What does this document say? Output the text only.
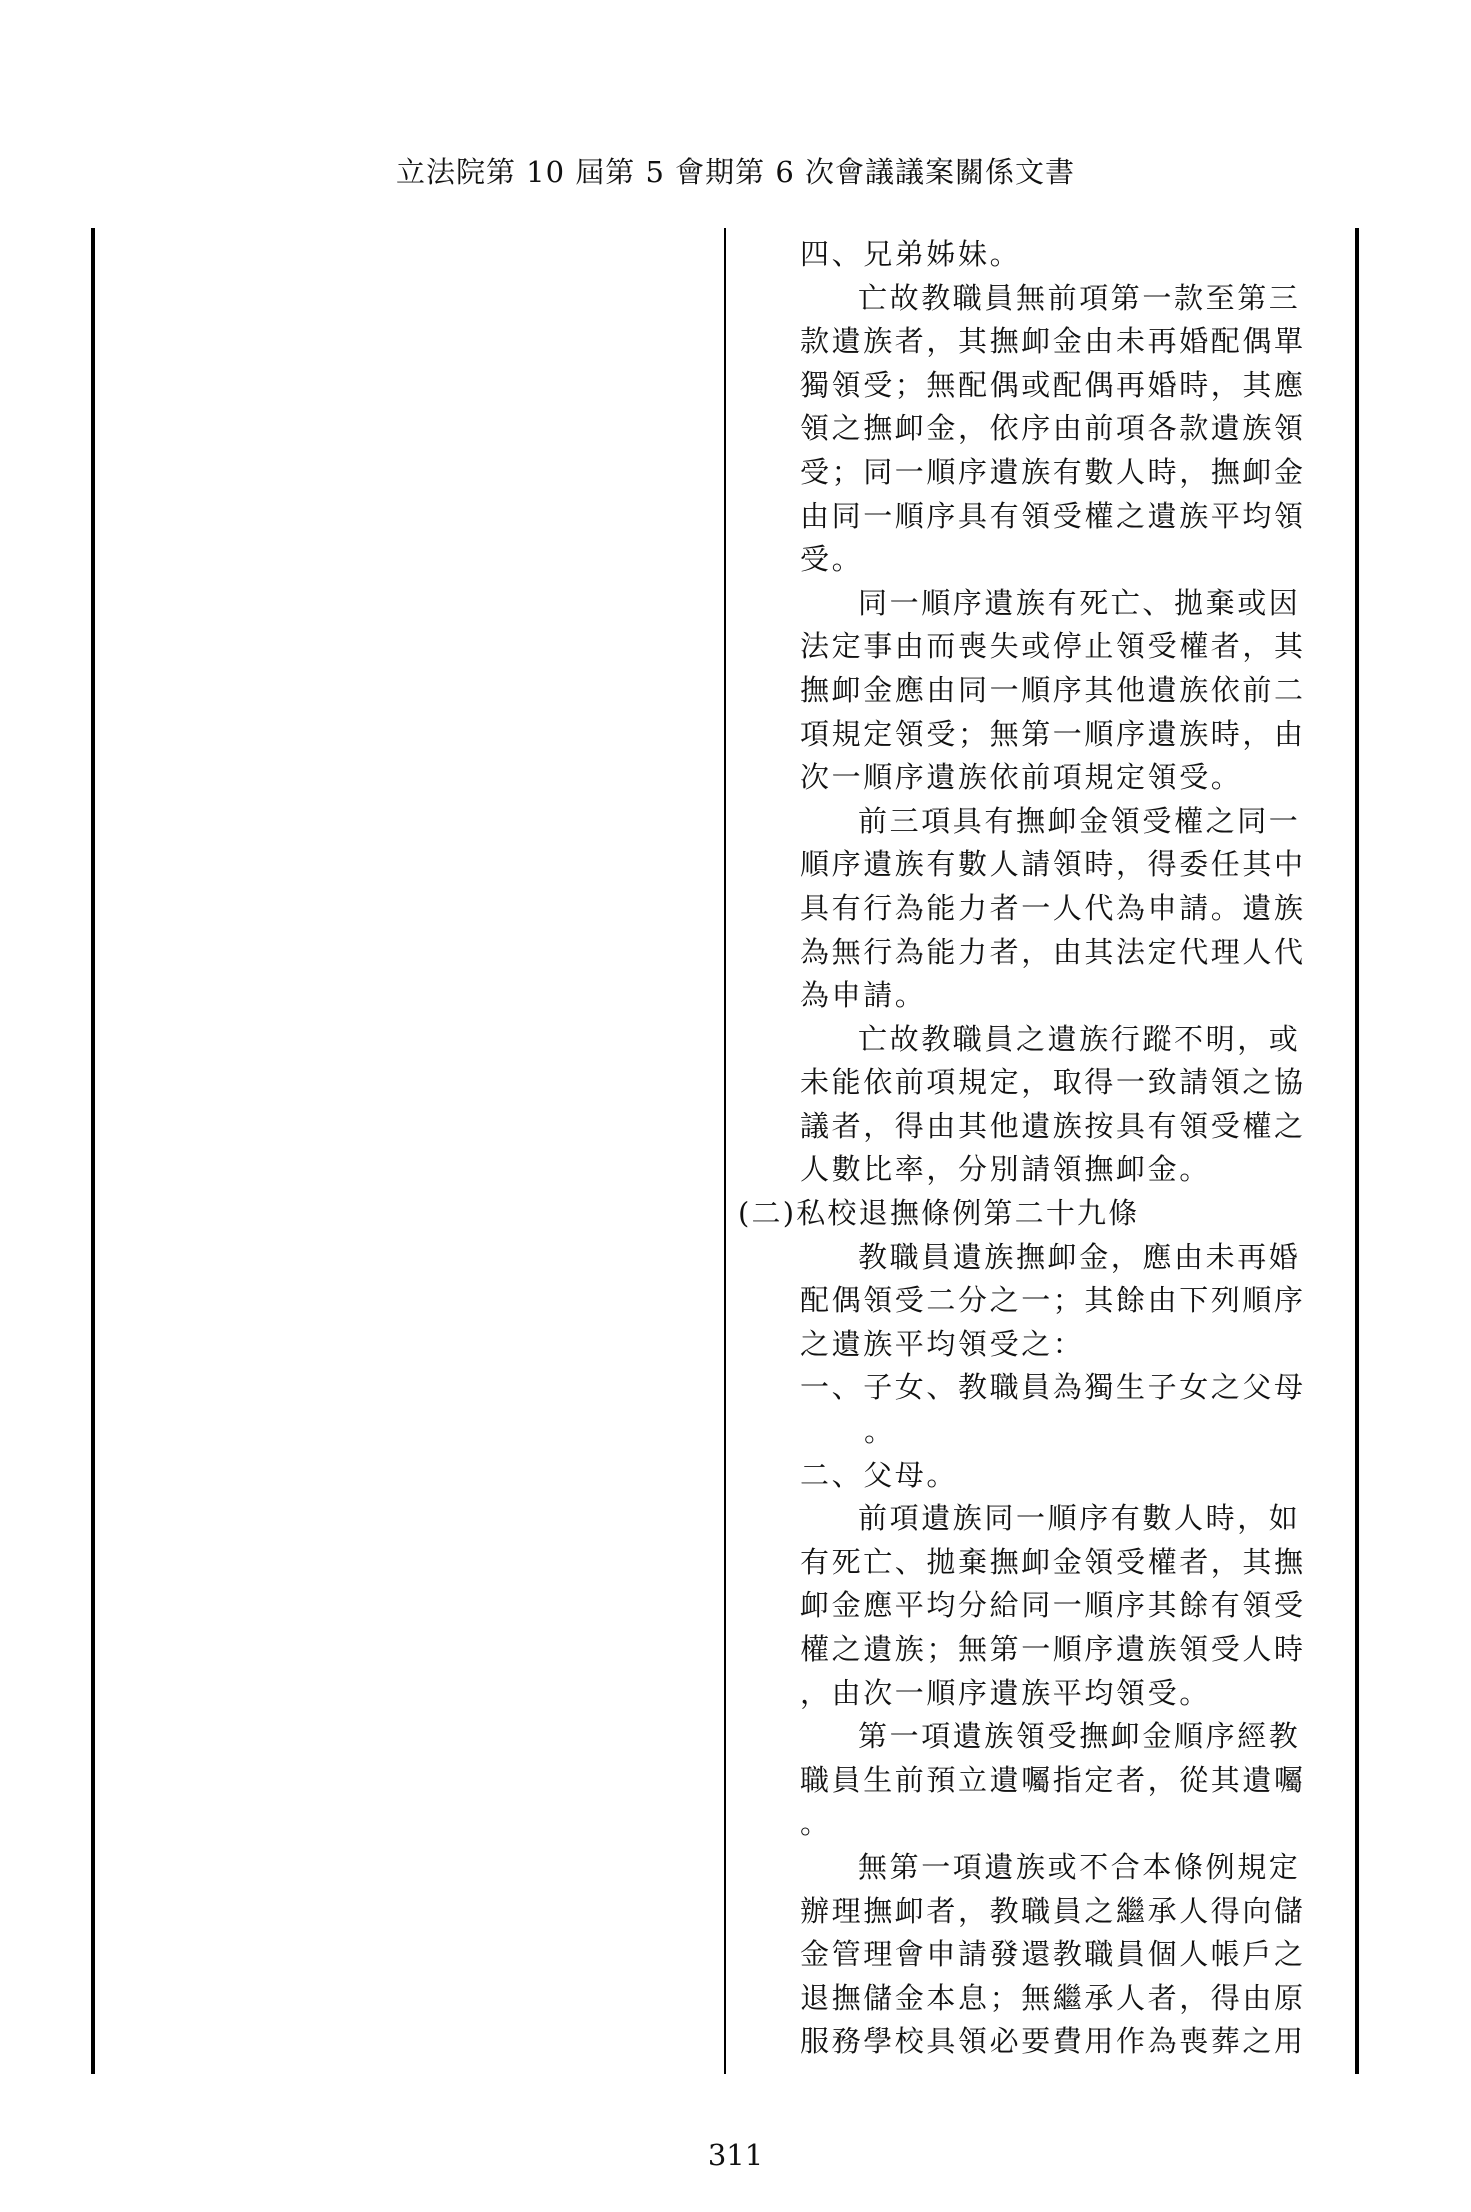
立法院第 10 屆第 5 會期第 6 次會議議案關係文書
四、兄弟姊妹。
亡故教職員無前項第一款至第三
款遺族者，其撫卹金由未再婚配偶單
獨領受；無配偶或配偶再婚時，其應
領之撫卹金，依序由前項各款遺族領
受；同一順序遺族有數人時，撫卹金
由同一順序具有領受權之遺族平均領
受。
同一順序遺族有死亡、拋棄或因
法定事由而喪失或停止領受權者，其
撫卹金應由同一順序其他遺族依前二
項規定領受；無第一順序遺族時，由
次一順序遺族依前項規定領受。
前三項具有撫卹金領受權之同一
順序遺族有數人請領時，得委任其中
具有行為能力者一人代為申請。遺族
為無行為能力者，由其法定代理人代
為申請。
亡故教職員之遺族行蹤不明，或
未能依前項規定，取得一致請領之協
議者，得由其他遺族按具有領受權之
人數比率，分別請領撫卹金。
(二)私校退撫條例第二十九條
教職員遺族撫卹金，應由未再婚
配偶領受二分之一；其餘由下列順序
之遺族平均領受之：
一、子女、教職員為獨生子女之父母
。
二、父母。
前項遺族同一順序有數人時，如
有死亡、拋棄撫卹金領受權者，其撫
卹金應平均分給同一順序其餘有領受
權之遺族；無第一順序遺族領受人時
，由次一順序遺族平均領受。
第一項遺族領受撫卹金順序經教
職員生前預立遺囑指定者，從其遺囑
。
無第一項遺族或不合本條例規定
辦理撫卹者，教職員之繼承人得向儲
金管理會申請發還教職員個人帳戶之
退撫儲金本息；無繼承人者，得由原
服務學校具領必要費用作為喪葬之用
311
